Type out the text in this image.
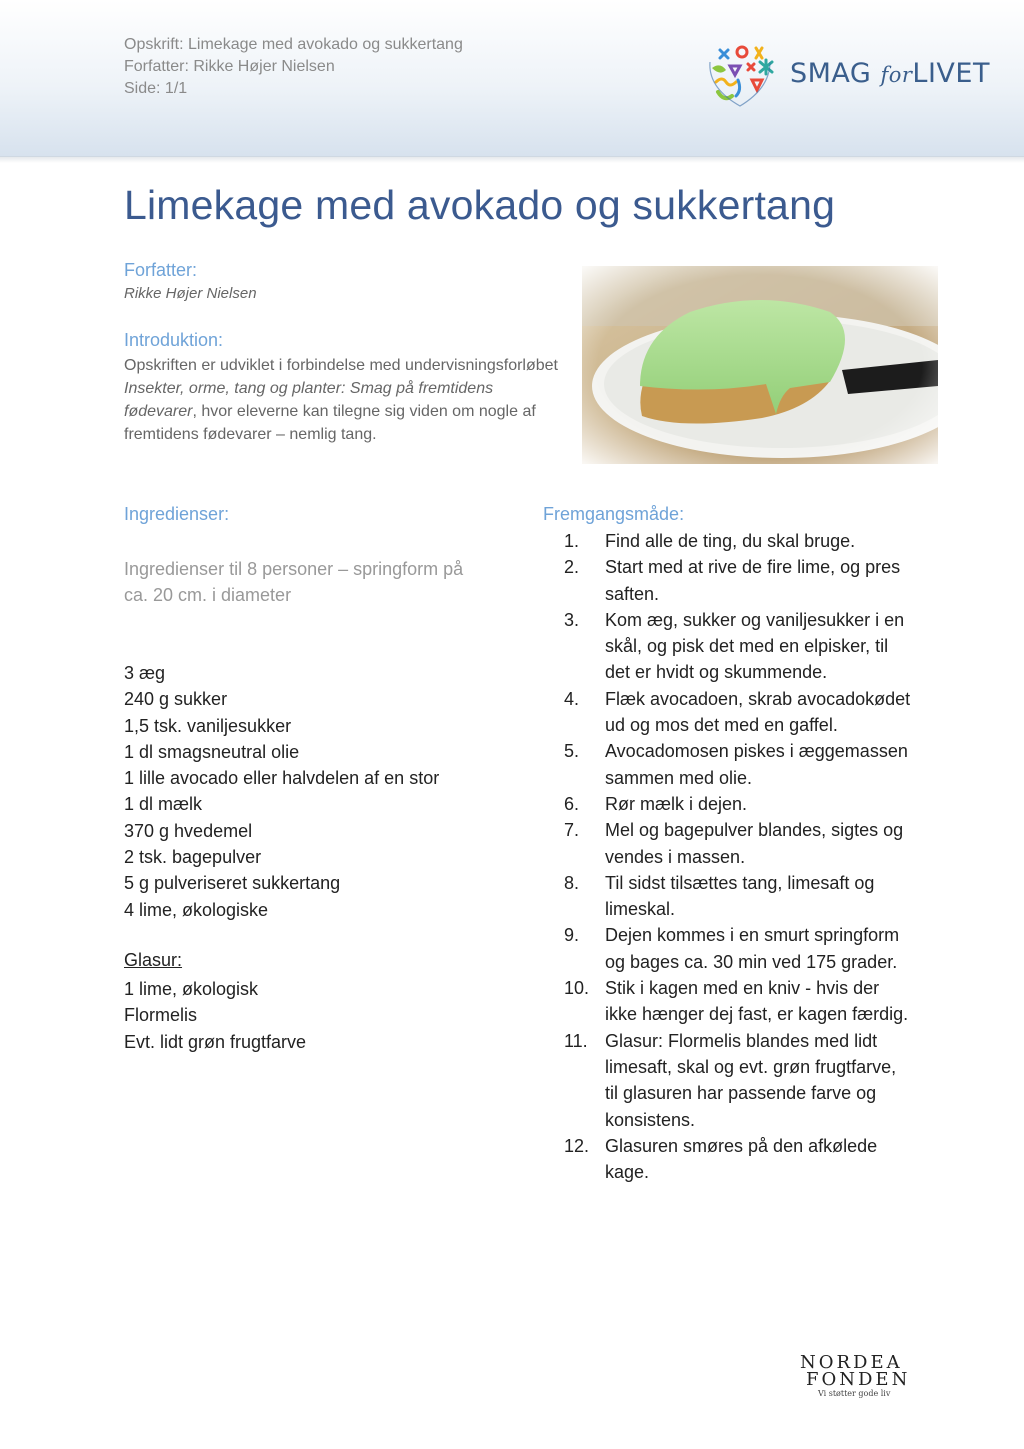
Opskrift: Limekage med avokado og sukkertang
Forfatter: Rikke Højer Nielsen
Side: 1/1	SMAG forLIVET
Limekage med avokado og sukkertang
Forfatter:
Rikke Højer Nielsen
Introduktion:
Opskriften er udviklet i forbindelse med undervisningsforløbet Insekter, orme, tang og planter: Smag på fremtidens fødevarer, hvor eleverne kan tilegne sig viden om nogle af fremtidens fødevarer – nemlig tang.
Ingredienser:
Ingredienser til 8 personer – springform på ca. 20 cm. i diameter
3 æg
240 g sukker
1,5 tsk. vaniljesukker
1 dl smagsneutral olie
1 lille avocado eller halvdelen af en stor
1 dl mælk
370 g hvedemel
2 tsk. bagepulver
5 g pulveriseret sukkertang
4 lime, økologiske
Glasur:
1 lime, økologisk
Flormelis
Evt. lidt grøn frugtfarve
Fremgangsmåde:
1.	Find alle de ting, du skal bruge.
2.	Start med at rive de fire lime, og pres saften.
3.	Kom æg, sukker og vaniljesukker i en skål, og pisk det med en elpisker, til det er hvidt og skummende.
4.	Flæk avocadoen, skrab avocadokødet ud og mos det med en gaffel.
5.	Avocadomosen piskes i æggemassen sammen med olie.
6.	Rør mælk i dejen.
7.	Mel og bagepulver blandes, sigtes og vendes i massen.
8.	Til sidst tilsættes tang, limesaft og limeskal.
9.	Dejen kommes i en smurt springform og bages ca. 30 min ved 175 grader.
10. Stik i kagen med en kniv - hvis der ikke hænger dej fast, er kagen færdig.
11. Glasur: Flormelis blandes med lidt limesaft, skal og evt. grøn frugtfarve, til glasuren har passende farve og konsistens.
12. Glasuren smøres på den afkølede kage.
NORDEA
FONDEN
Vi støtter gode liv
